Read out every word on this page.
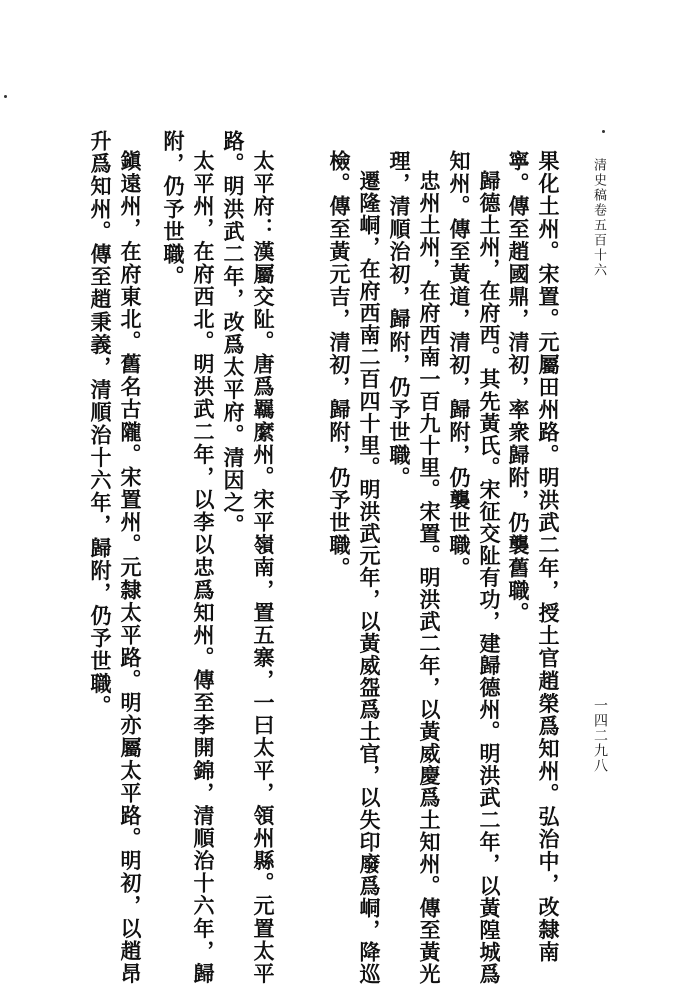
清史稿卷五百十六
一四二九八
果化土州。宋置。元屬田州路。明洪武二年，授土官趙榮爲知州。弘治中，改隸南
寧。傳至趙國鼎，清初，率衆歸附，仍襲舊職。
歸德土州，在府西。其先黃氏。宋征交阯有功，建歸德州。明洪武二年，以黃隍城爲
知州。傳至黃道，清初，歸附，仍襲世職。
忠州土州，在府西南一百九十里。宋置。明洪武二年，以黃威慶爲土知州。傳至黃光
理，清順治初，歸附，仍予世職。
遷隆峒，在府西南二百四十里。明洪武元年，以黃威盌爲土官，以失印廢爲峒，降巡
檢。傳至黃元吉，清初，歸附，仍予世職。
太平府：漢屬交阯。唐爲羈縻州。宋平嶺南，置五寨，一曰太平，領州縣。元置太平
路。明洪武二年，改爲太平府。清因之。
太平州，在府西北。明洪武二年，以李以忠爲知州。傳至李開錦，清順治十六年，歸
附，仍予世職。
鎭遠州，在府東北。舊名古隴。宋置州。元隸太平路。明亦屬太平路。明初，以趙昂
升爲知州。傳至趙秉義，清順治十六年，歸附，仍予世職。
